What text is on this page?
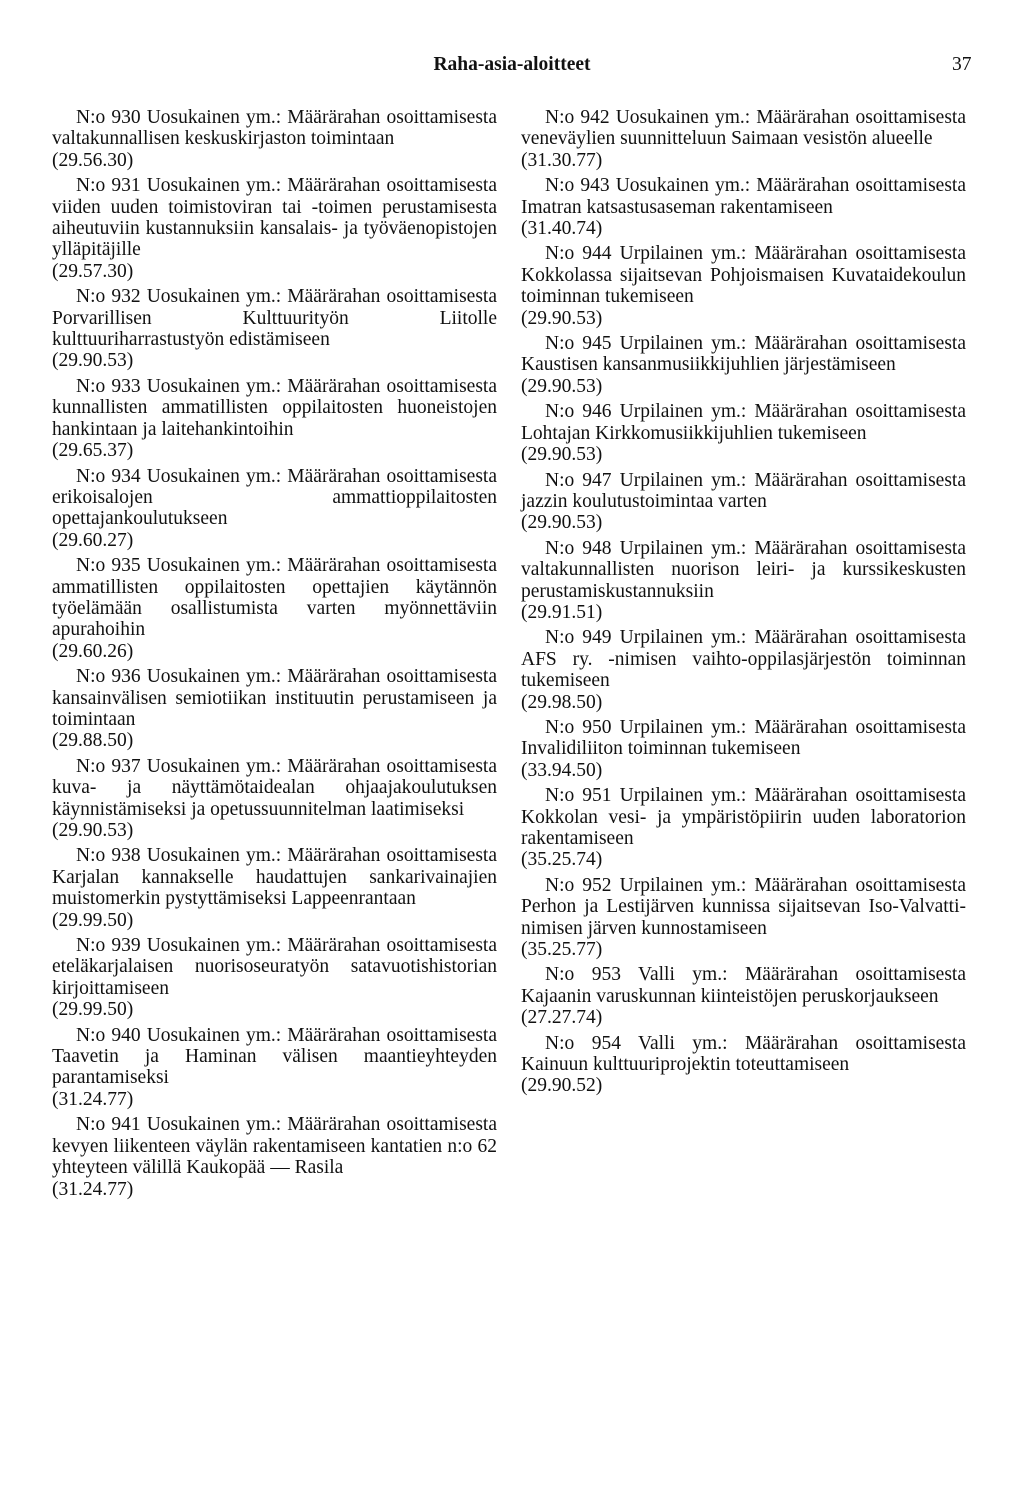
Raha-asia-aloitteet	37
N:o 930 Uosukainen ym.: Määrärahan osoittamisesta valtakunnallisen keskuskirjaston toimintaan
(29.56.30)
N:o 931 Uosukainen ym.: Määrärahan osoittamisesta viiden uuden toimistoviran tai -toimen perustamisesta aiheutuviin kustannuksiin kansalais- ja työväenopistojen ylläpitäjille
(29.57.30)
N:o 932 Uosukainen ym.: Määrärahan osoittamisesta Porvarillisen Kulttuurityön Liitolle kulttuuriharrastustyön edistämiseen
(29.90.53)
N:o 933 Uosukainen ym.: Määrärahan osoittamisesta kunnallisten ammatillisten oppilaitosten huoneistojen hankintaan ja laitehankintoihin
(29.65.37)
N:o 934 Uosukainen ym.: Määrärahan osoittamisesta erikoisalojen ammattioppilaitosten opettajankoulutukseen
(29.60.27)
N:o 935 Uosukainen ym.: Määrärahan osoittamisesta ammatillisten oppilaitosten opettajien käytännön työelämään osallistumista varten myönnettäviin apurahoihin
(29.60.26)
N:o 936 Uosukainen ym.: Määrärahan osoittamisesta kansainvälisen semiotiikan instituutin perustamiseen ja toimintaan
(29.88.50)
N:o 937 Uosukainen ym.: Määrärahan osoittamisesta kuva- ja näyttämötaidealan ohjaajakoulutuksen käynnistämiseksi ja opetussuunnitelman laatimiseksi
(29.90.53)
N:o 938 Uosukainen ym.: Määrärahan osoittamisesta Karjalan kannakselle haudattujen sankarivainajien muistomerkin pystyttämiseksi Lappeenrantaan
(29.99.50)
N:o 939 Uosukainen ym.: Määrärahan osoittamisesta eteläkarjalaisen nuorisoseuratyön satavuotishistorian kirjoittamiseen
(29.99.50)
N:o 940 Uosukainen ym.: Määrärahan osoittamisesta Taavetin ja Haminan välisen maantieyhteyden parantamiseksi
(31.24.77)
N:o 941 Uosukainen ym.: Määrärahan osoittamisesta kevyen liikenteen väylän rakentamiseen kantatien n:o 62 yhteyteen välillä Kaukopää — Rasila
(31.24.77)
N:o 942 Uosukainen ym.: Määrärahan osoittamisesta veneväylien suunnitteluun Saimaan vesistön alueelle
(31.30.77)
N:o 943 Uosukainen ym.: Määrärahan osoittamisesta Imatran katsastusaseman rakentamiseen
(31.40.74)
N:o 944 Urpilainen ym.: Määrärahan osoittamisesta Kokkolassa sijaitsevan Pohjoismaisen Kuvataidekoulun toiminnan tukemiseen
(29.90.53)
N:o 945 Urpilainen ym.: Määrärahan osoittamisesta Kaustisen kansanmusiikkijuhlien järjestämiseen
(29.90.53)
N:o 946 Urpilainen ym.: Määrärahan osoittamisesta Lohtajan Kirkkomusiikkijuhlien tukemiseen
(29.90.53)
N:o 947 Urpilainen ym.: Määrärahan osoittamisesta jazzin koulutustoimintaa varten
(29.90.53)
N:o 948 Urpilainen ym.: Määrärahan osoittamisesta valtakunnallisten nuorison leiri- ja kurssikeskusten perustamiskustannuksiin
(29.91.51)
N:o 949 Urpilainen ym.: Määrärahan osoittamisesta AFS ry. -nimisen vaihto-oppilasjärjestön toiminnan tukemiseen
(29.98.50)
N:o 950 Urpilainen ym.: Määrärahan osoittamisesta Invalidiliiton toiminnan tukemiseen
(33.94.50)
N:o 951 Urpilainen ym.: Määrärahan osoittamisesta Kokkolan vesi- ja ympäristöpiirin uuden laboratorion rakentamiseen
(35.25.74)
N:o 952 Urpilainen ym.: Määrärahan osoittamisesta Perhon ja Lestijärven kunnissa sijaitsevan Iso-Valvatti-nimisen järven kunnostamiseen
(35.25.77)
N:o 953 Valli ym.: Määrärahan osoittamisesta Kajaanin varuskunnan kiinteistöjen peruskorjaukseen
(27.27.74)
N:o 954 Valli ym.: Määrärahan osoittamisesta Kainuun kulttuuriprojektin toteuttamiseen
(29.90.52)
